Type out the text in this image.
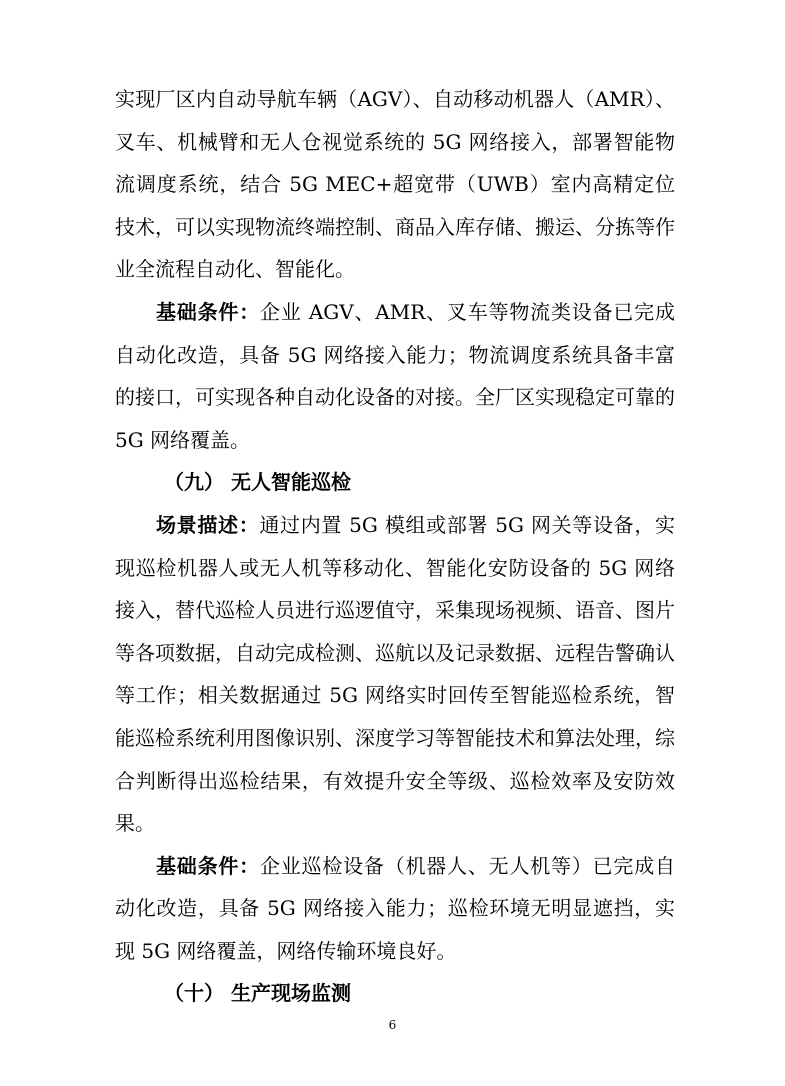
实现厂区内自动导航车辆（AGV）、自动移动机器人（AMR）、叉车、机械臂和无人仓视觉系统的 5G 网络接入，部署智能物流调度系统，结合 5G MEC+超宽带（UWB）室内高精定位技术，可以实现物流终端控制、商品入库存储、搬运、分拣等作业全流程自动化、智能化。

基础条件：企业 AGV、AMR、叉车等物流类设备已完成自动化改造，具备 5G 网络接入能力；物流调度系统具备丰富的接口，可实现各种自动化设备的对接。全厂区实现稳定可靠的 5G 网络覆盖。

（九） 无人智能巡检

场景描述：通过内置 5G 模组或部署 5G 网关等设备，实现巡检机器人或无人机等移动化、智能化安防设备的 5G 网络接入，替代巡检人员进行巡逻值守，采集现场视频、语音、图片等各项数据，自动完成检测、巡航以及记录数据、远程告警确认等工作；相关数据通过 5G 网络实时回传至智能巡检系统，智能巡检系统利用图像识别、深度学习等智能技术和算法处理，综合判断得出巡检结果，有效提升安全等级、巡检效率及安防效果。

基础条件：企业巡检设备（机器人、无人机等）已完成自动化改造，具备 5G 网络接入能力；巡检环境无明显遮挡，实现 5G 网络覆盖，网络传输环境良好。

（十） 生产现场监测
6
